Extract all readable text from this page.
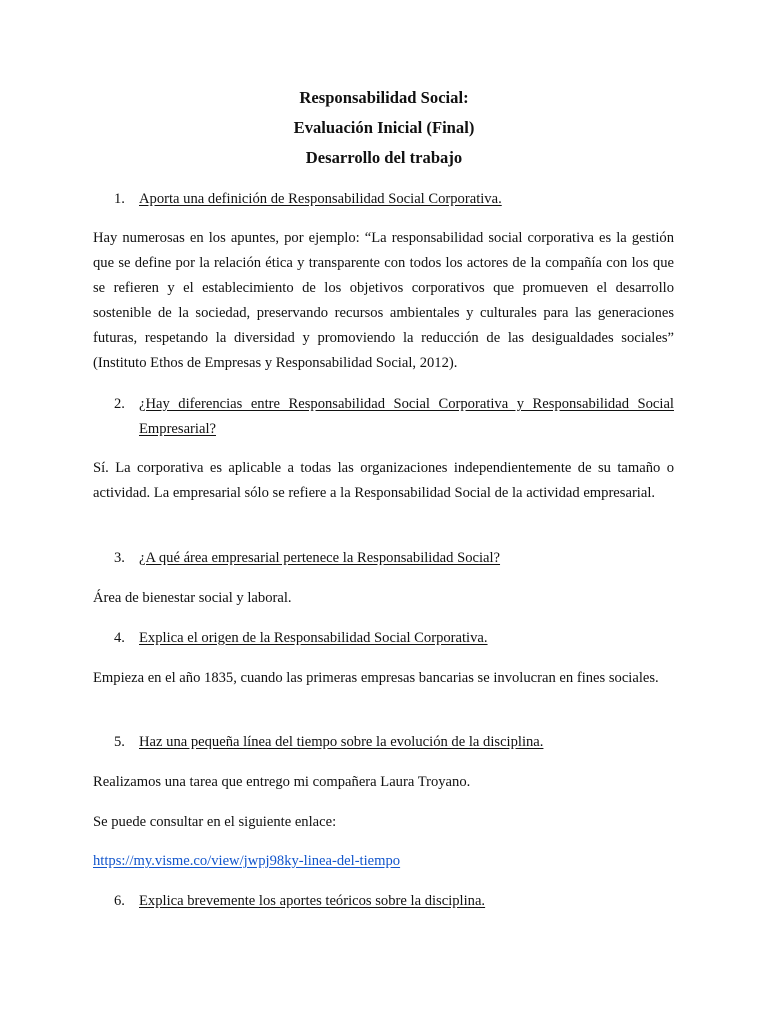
Responsabilidad Social:
Evaluación Inicial (Final)
Desarrollo del trabajo
1. Aporta una definición de Responsabilidad Social Corporativa.

Hay numerosas en los apuntes, por ejemplo: “La responsabilidad social corporativa es la gestión que se define por la relación ética y transparente con todos los actores de la compañía con los que se refieren y el establecimiento de los objetivos corporativos que promueven el desarrollo sostenible de la sociedad, preservando recursos ambientales y culturales para las generaciones futuras, respetando la diversidad y promoviendo la reducción de las desigualdades sociales” (Instituto Ethos de Empresas y Responsabilidad Social, 2012).

2. ¿Hay diferencias entre Responsabilidad Social Corporativa y Responsabilidad Social Empresarial?

Sí. La corporativa es aplicable a todas las organizaciones independientemente de su tamaño o actividad. La empresarial sólo se refiere a la Responsabilidad Social de la actividad empresarial.

3. ¿A qué área empresarial pertenece la Responsabilidad Social?

Área de bienestar social y laboral.

4. Explica el origen de la Responsabilidad Social Corporativa.

Empieza en el año 1835, cuando las primeras empresas bancarias se involucran en fines sociales.

5. Haz una pequeña línea del tiempo sobre la evolución de la disciplina.

Realizamos una tarea que entrego mi compañera Laura Troyano.

Se puede consultar en el siguiente enlace:

https://my.visme.co/view/jwpj98ky-linea-del-tiempo

6. Explica brevemente los aportes teóricos sobre la disciplina.
